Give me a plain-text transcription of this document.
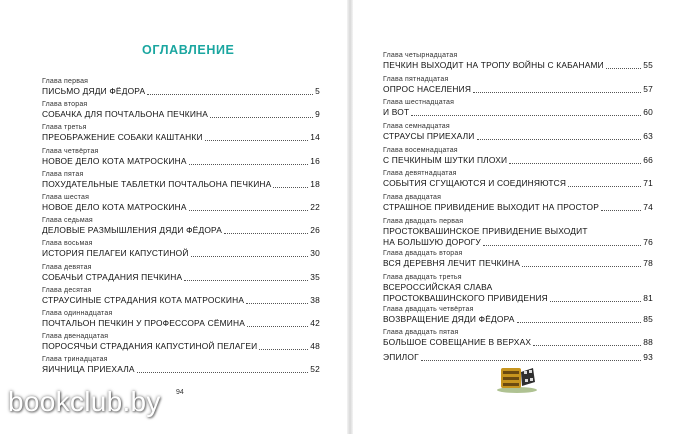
ОГЛАВЛЕНИЕ
Глава первая
ПИСЬМО ДЯДИ ФЁДОРА	5
Глава вторая
СОБАЧКА ДЛЯ ПОЧТАЛЬОНА ПЕЧКИНА	9
Глава третья
ПРЕОБРАЖЕНИЕ СОБАКИ КАШТАНКИ	14
Глава четвёртая
НОВОЕ ДЕЛО КОТА МАТРОСКИНА	16
Глава пятая
ПОХУДАТЕЛЬНЫЕ ТАБЛЕТКИ ПОЧТАЛЬОНА ПЕЧКИНА	18
Глава шестая
НОВОЕ ДЕЛО КОТА МАТРОСКИНА	22
Глава седьмая
ДЕЛОВЫЕ РАЗМЫШЛЕНИЯ ДЯДИ ФЁДОРА	26
Глава восьмая
ИСТОРИЯ ПЕЛАГЕИ КАПУСТИНОЙ	30
Глава девятая
СОБАЧЬИ СТРАДАНИЯ ПЕЧКИНА	35
Глава десятая
СТРАУСИНЫЕ СТРАДАНИЯ КОТА МАТРОСКИНА	38
Глава одиннадцатая
ПОЧТАЛЬОН ПЕЧКИН У ПРОФЕССОРА СЁМИНА	42
Глава двенадцатая
ПОРОСЯЧЬИ СТРАДАНИЯ КАПУСТИНОЙ ПЕЛАГЕИ	48
Глава тринадцатая
ЯИЧНИЦА ПРИЕХАЛА	52
Глава четырнадцатая
ПЕЧКИН ВЫХОДИТ НА ТРОПУ ВОЙНЫ С КАБАНАМИ	55
Глава пятнадцатая
ОПРОС НАСЕЛЕНИЯ	57
Глава шестнадцатая
И ВОТ	60
Глава семнадцатая
СТРАУСЫ ПРИЕХАЛИ	63
Глава восемнадцатая
С ПЕЧКИНЫМ ШУТКИ ПЛОХИ	66
Глава девятнадцатая
СОБЫТИЯ СГУЩАЮТСЯ И СОЕДИНЯЮТСЯ	71
Глава двадцатая
СТРАШНОЕ ПРИВИДЕНИЕ ВЫХОДИТ НА ПРОСТОР	74
Глава двадцать первая
ПРОСТОКВАШИНСКОЕ ПРИВИДЕНИЕ ВЫХОДИТ
НА БОЛЬШУЮ ДОРОГУ	76
Глава двадцать вторая
ВСЯ ДЕРЕВНЯ ЛЕЧИТ ПЕЧКИНА	78
Глава двадцать третья
ВСЕРОССИЙСКАЯ СЛАВА
ПРОСТОКВАШИНСКОГО ПРИВИДЕНИЯ	81
Глава двадцать четвёртая
ВОЗВРАЩЕНИЕ ДЯДИ ФЁДОРА	85
Глава двадцать пятая
БОЛЬШОЕ СОВЕЩАНИЕ В ВЕРХАХ	88
ЭПИЛОГ	93
94
bookclub.by
